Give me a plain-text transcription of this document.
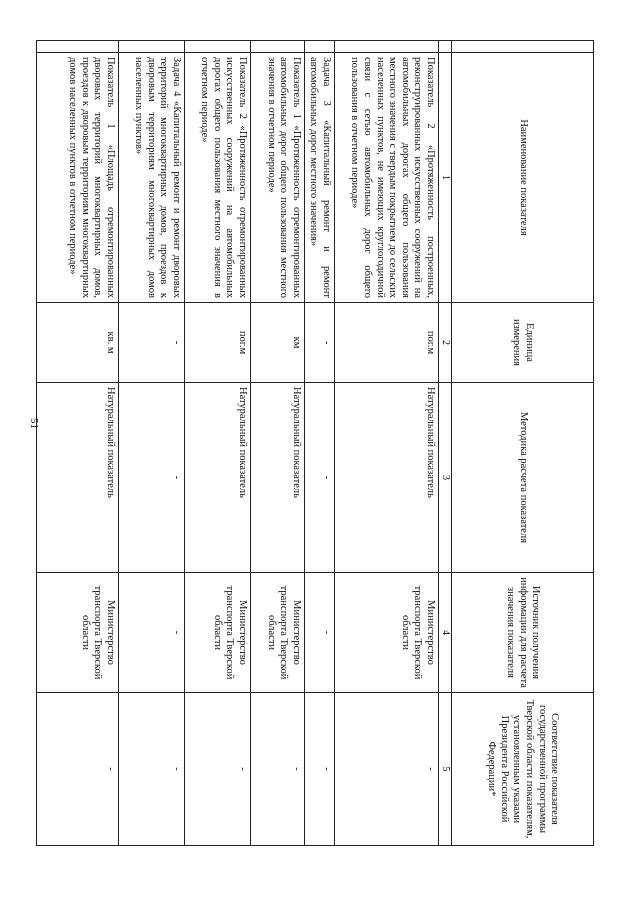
51
	Наименование показателя	Единица измерения	Методика расчета показателя	Источник получения информации для расчета значения показателя	Соответствие показателя государственной программы Тверской области показателям, установленным указами Президента Российской Федерации*
	1	2	3	4	5
	Показатель 2 «Протяженность построенных, реконструированных искусственных сооружений на автомобильных дорогах общего пользования местного значения с твердым покрытием до сельских населенных пунктов, не имеющих круглогодичной связи с сетью автомобильных дорог общего пользования в отчетном периоде»	пог.м	Натуральный показатель	Министерство транспорта Тверской области	-
	Задача 3 «Капитальный ремонт и ремонт автомобильных дорог местного значения»	-	-	-	-
	Показатель 1 «Протяженность отремонтированных автомобильных дорог общего пользования местного значения в отчетном периоде»	км	Натуральный показатель	Министерство транспорта Тверской области	-
	Показатель 2 «Протяженность отремонтированных искусственных сооружений на автомобильных дорогах общего пользования местного значения в отчетном периоде»	пог.м	Натуральный показатель	Министерство транспорта Тверской области	-
	Задача 4 «Капитальный ремонт и ремонт дворовых территорий многоквартирных домов, проездов к дворовым территориям многоквартирных домов населенных пунктов»	-	-	-	-
	Показатель 1 «Площадь отремонтированных дворовых территорий многоквартирных домов, проездов к дворовым территориям многоквартирных домов населенных пунктов в отчетном периоде»	кв. м	Натуральный показатель	Министерство транспорта Тверской области	-
